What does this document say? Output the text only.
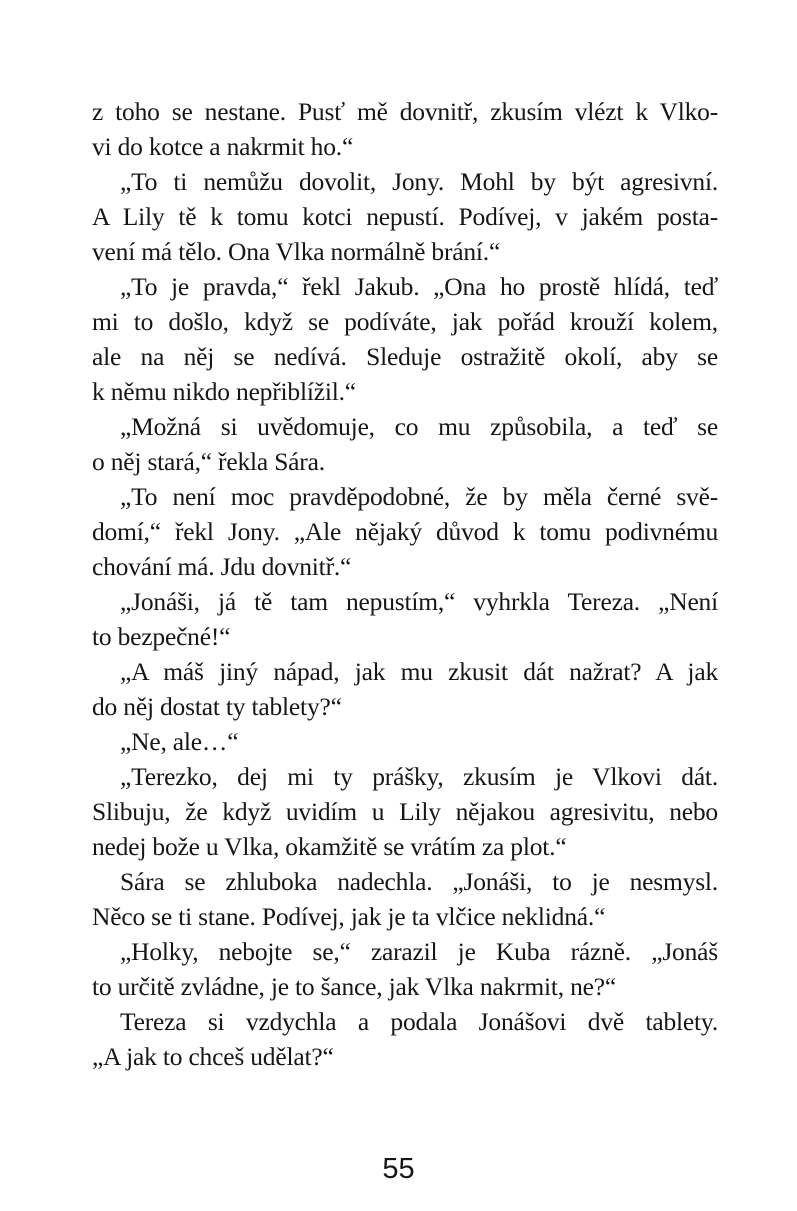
z toho se nestane. Pusť mě dovnitř, zkusím vlézt k Vlko-
vi do kotce a nakrmit ho.“
„To ti nemůžu dovolit, Jony. Mohl by být agresivní.
A Lily tě k tomu kotci nepustí. Podívej, v jakém posta-
vení má tělo. Ona Vlka normálně brání.“
„To je pravda,“ řekl Jakub. „Ona ho prostě hlídá, teď
mi to došlo, když se podíváte, jak pořád krouží kolem,
ale na něj se nedívá. Sleduje ostražitě okolí, aby se
k němu nikdo nepřiblížil.“
„Možná si uvědomuje, co mu způsobila, a teď se
o něj stará,“ řekla Sára.
„To není moc pravděpodobné, že by měla černé svě-
domí,“ řekl Jony. „Ale nějaký důvod k tomu podivnému
chování má. Jdu dovnitř.“
„Jonáši, já tě tam nepustím,“ vyhrkla Tereza. „Není
to bezpečné!“
„A máš jiný nápad, jak mu zkusit dát nažrat? A jak
do něj dostat ty tablety?“
„Ne, ale…“
„Terezko, dej mi ty prášky, zkusím je Vlkovi dát.
Slibuju, že když uvidím u Lily nějakou agresivitu, nebo
nedej bože u Vlka, okamžitě se vrátím za plot.“
Sára se zhluboka nadechla. „Jonáši, to je nesmysl.
Něco se ti stane. Podívej, jak je ta vlčice neklidná.“
„Holky, nebojte se,“ zarazil je Kuba rázně. „Jonáš
to určitě zvládne, je to šance, jak Vlka nakrmit, ne?“
Tereza si vzdychla a podala Jonášovi dvě tablety.
„A jak to chceš udělat?“
55
